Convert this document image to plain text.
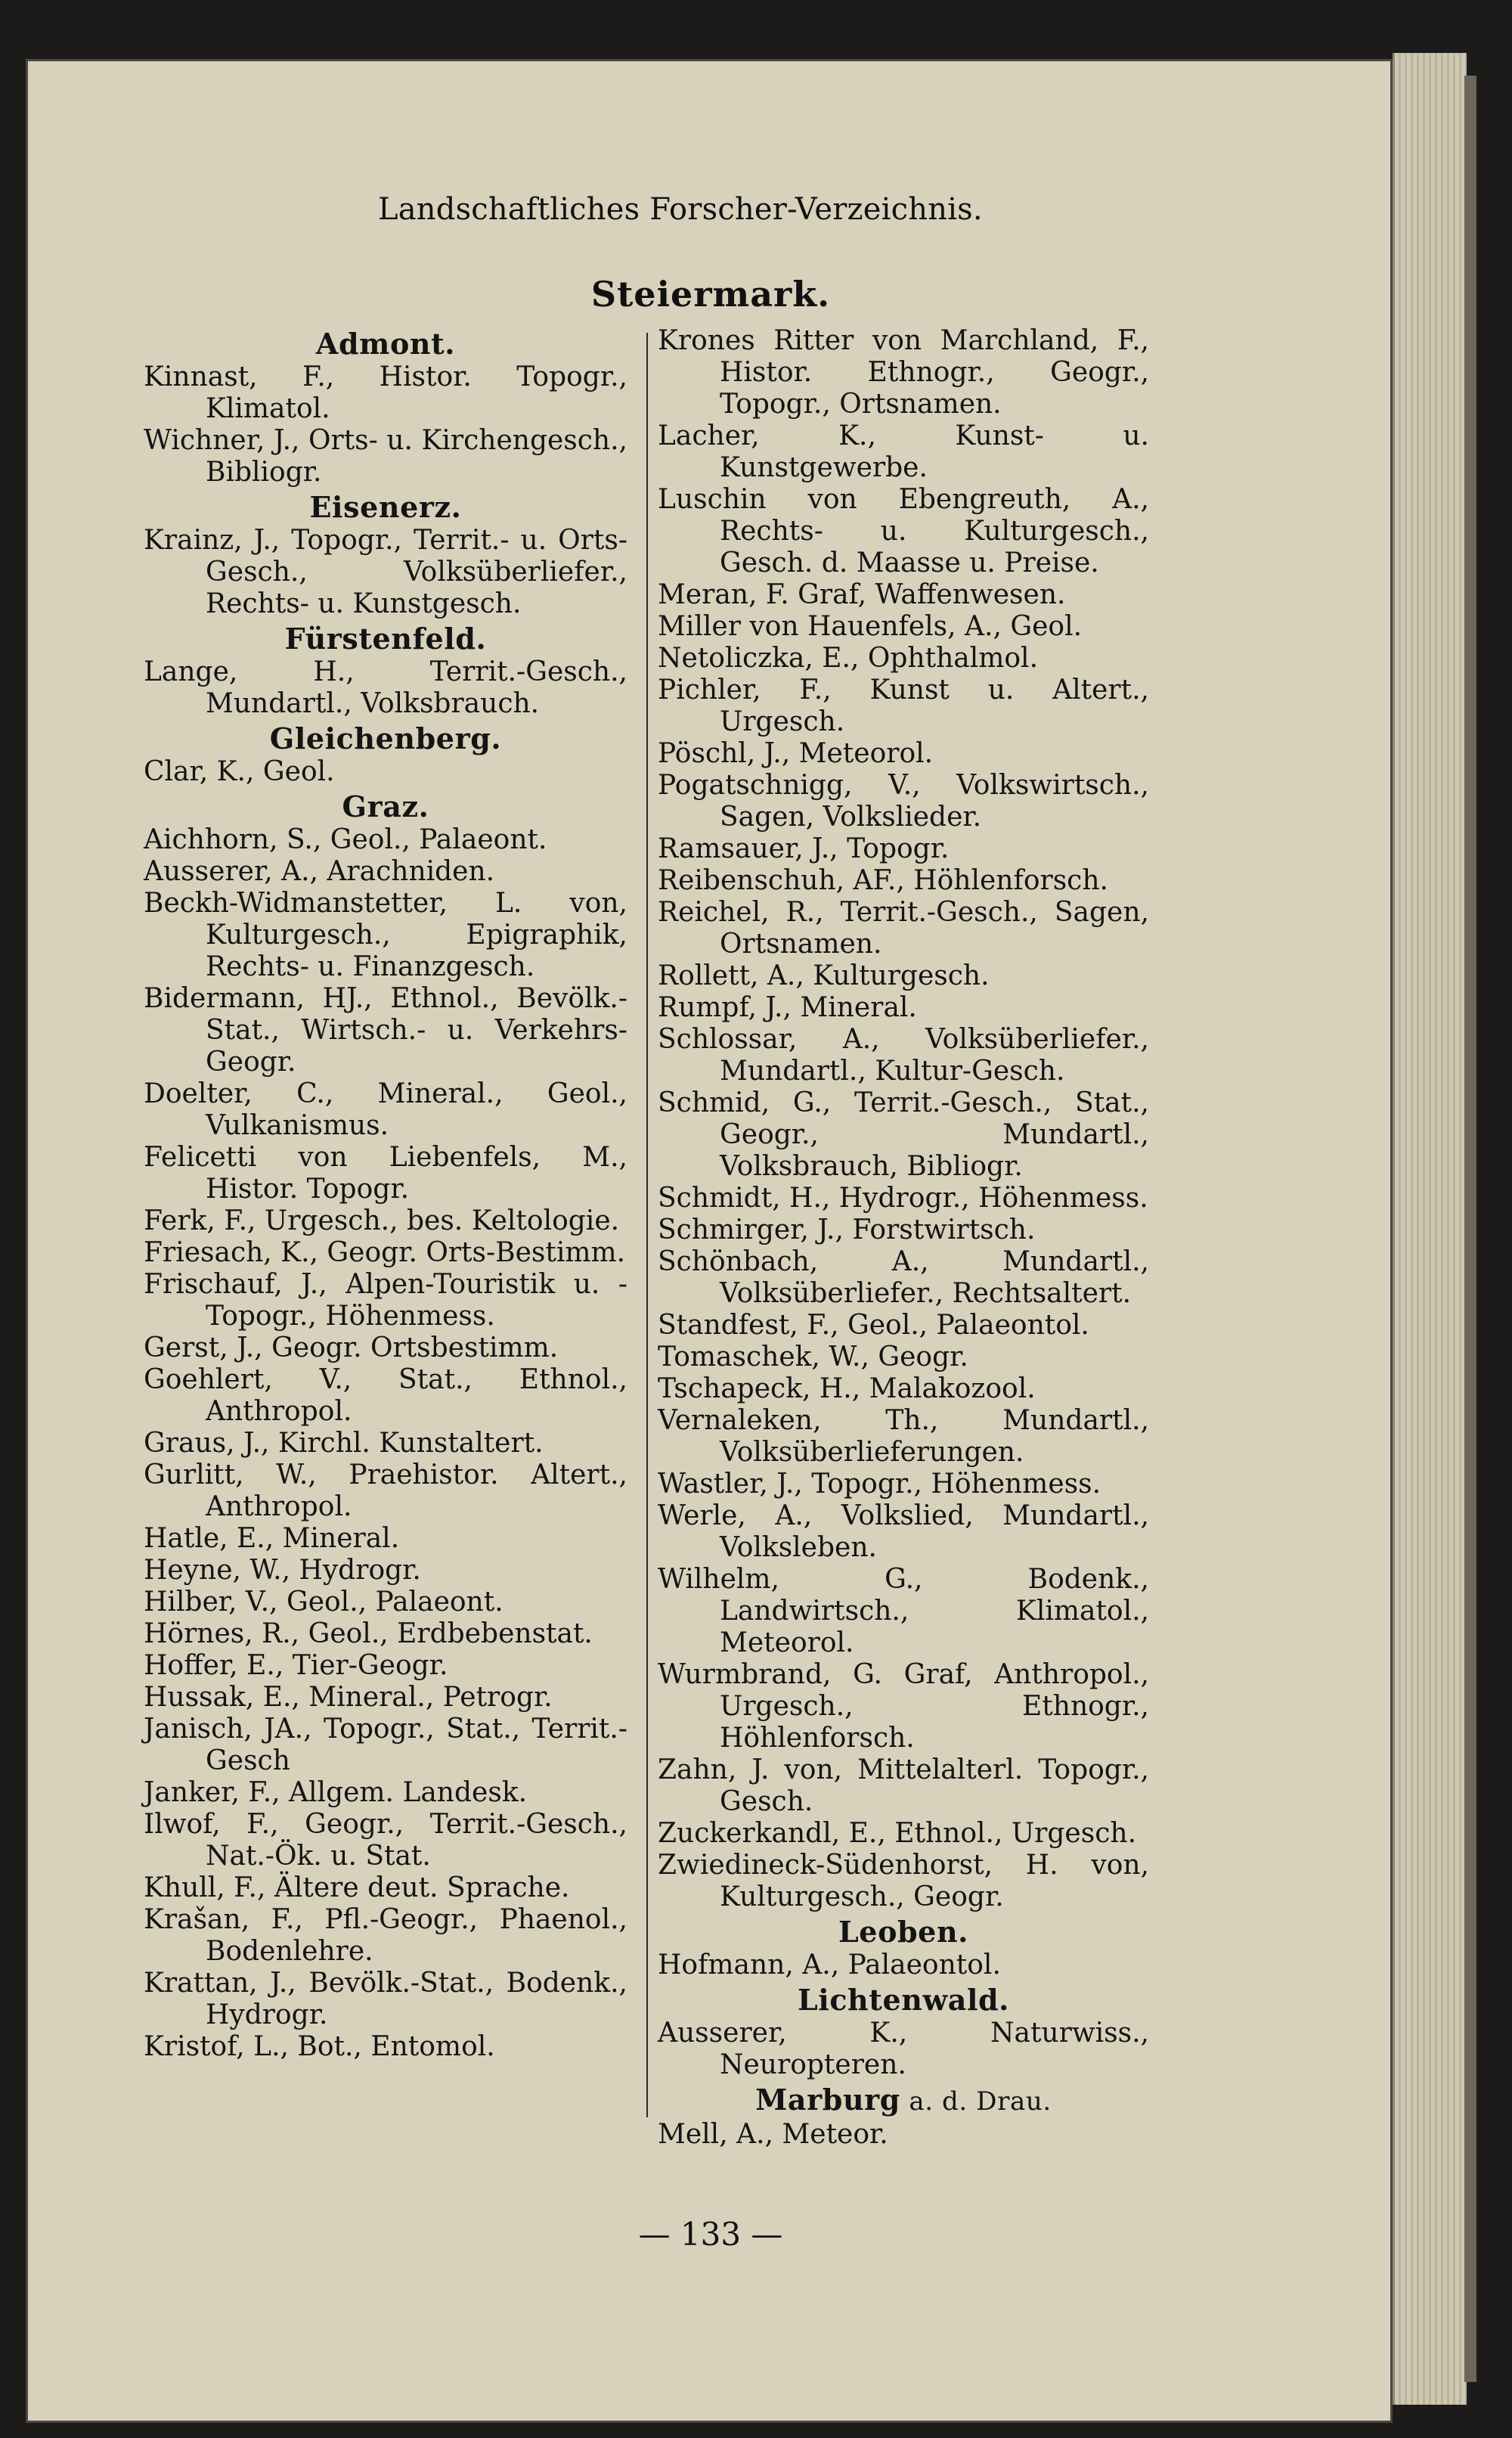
Landschaftliches Forscher-Verzeichnis.
Steiermark.
Admont.
Kinnast, F., Histor. Topogr., Klimatol.
Wichner, J., Orts- u. Kirchengesch., Bibliogr.
Eisenerz.
Krainz, J., Topogr., Territ.- u. Orts-Gesch., Volksüberliefer., Rechts- u. Kunstgesch.
Fürstenfeld.
Lange, H., Territ.-Gesch., Mundartl., Volksbrauch.
Gleichenberg.
Clar, K., Geol.
Graz.
Aichhorn, S., Geol., Palaeont.
Ausserer, A., Arachniden.
Beckh-Widmanstetter, L. von, Kulturgesch., Epigraphik, Rechts- u. Finanzgesch.
Bidermann, HJ., Ethnol., Bevölk.-Stat., Wirtsch.- u. Verkehrs-Geogr.
Doelter, C., Mineral., Geol., Vulkanismus.
Felicetti von Liebenfels, M., Histor. Topogr.
Ferk, F., Urgesch., bes. Keltologie.
Friesach, K., Geogr. Orts-Bestimm.
Frischauf, J., Alpen-Touristik u. -Topogr., Höhenmess.
Gerst, J., Geogr. Ortsbestimm.
Goehlert, V., Stat., Ethnol., Anthropol.
Graus, J., Kirchl. Kunstaltert.
Gurlitt, W., Praehistor. Altert., Anthropol.
Hatle, E., Mineral.
Heyne, W., Hydrogr.
Hilber, V., Geol., Palaeont.
Hörnes, R., Geol., Erdbebenstat.
Hoffer, E., Tier-Geogr.
Hussak, E., Mineral., Petrogr.
Janisch, JA., Topogr., Stat., Territ.-Gesch
Janker, F., Allgem. Landesk.
Ilwof, F., Geogr., Territ.-Gesch., Nat.-Ök. u. Stat.
Khull, F., Ältere deut. Sprache.
Krašan, F., Pfl.-Geogr., Phaenol., Bodenlehre.
Krattan, J., Bevölk.-Stat., Bodenk., Hydrogr.
Kristof, L., Bot., Entomol.
Krones Ritter von Marchland, F., Histor. Ethnogr., Geogr., Topogr., Ortsnamen.
Lacher, K., Kunst- u. Kunstgewerbe.
Luschin von Ebengreuth, A., Rechts- u. Kulturgesch., Gesch. d. Maasse u. Preise.
Meran, F. Graf, Waffenwesen.
Miller von Hauenfels, A., Geol.
Netoliczka, E., Ophthalmol.
Pichler, F., Kunst u. Altert., Urgesch.
Pöschl, J., Meteorol.
Pogatschnigg, V., Volkswirtsch., Sagen, Volkslieder.
Ramsauer, J., Topogr.
Reibenschuh, AF., Höhlenforsch.
Reichel, R., Territ.-Gesch., Sagen, Ortsnamen.
Rollett, A., Kulturgesch.
Rumpf, J., Mineral.
Schlossar, A., Volksüberliefer., Mundartl., Kultur-Gesch.
Schmid, G., Territ.-Gesch., Stat., Geogr., Mundartl., Volksbrauch, Bibliogr.
Schmidt, H., Hydrogr., Höhenmess.
Schmirger, J., Forstwirtsch.
Schönbach, A., Mundartl., Volksüberliefer., Rechtsaltert.
Standfest, F., Geol., Palaeontol.
Tomaschek, W., Geogr.
Tschapeck, H., Malakozool.
Vernaleken, Th., Mundartl., Volksüberlieferungen.
Wastler, J., Topogr., Höhenmess.
Werle, A., Volkslied, Mundartl., Volksleben.
Wilhelm, G., Bodenk., Landwirtsch., Klimatol., Meteorol.
Wurmbrand, G. Graf, Anthropol., Urgesch., Ethnogr., Höhlenforsch.
Zahn, J. von, Mittelalterl. Topogr., Gesch.
Zuckerkandl, E., Ethnol., Urgesch.
Zwiedineck-Südenhorst, H. von, Kulturgesch., Geogr.
Leoben.
Hofmann, A., Palaeontol.
Lichtenwald.
Ausserer, K., Naturwiss., Neuropteren.
Marburg a. d. Drau.
Mell, A., Meteor.
— 133 —
